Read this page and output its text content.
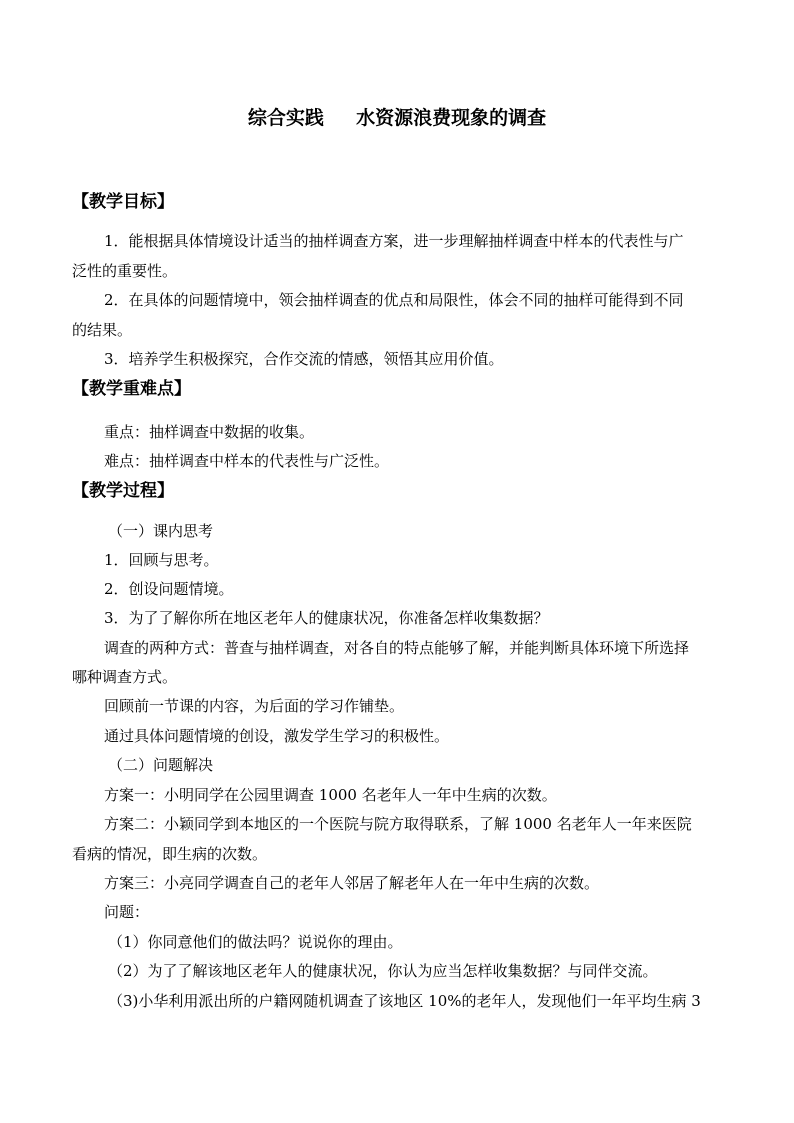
综合实践　  水资源浪费现象的调查
【教学目标】
1．能根据具体情境设计适当的抽样调查方案，进一步理解抽样调查中样本的代表性与广
泛性的重要性。
2．在具体的问题情境中，领会抽样调查的优点和局限性，体会不同的抽样可能得到不同
的结果。
3．培养学生积极探究，合作交流的情感，领悟其应用价值。
【教学重难点】
重点：抽样调查中数据的收集。
难点：抽样调查中样本的代表性与广泛性。
【教学过程】
（一）课内思考
1．回顾与思考。
2．创设问题情境。
3．为了了解你所在地区老年人的健康状况，你准备怎样收集数据？
调查的两种方式：普查与抽样调查，对各自的特点能够了解，并能判断具体环境下所选择
哪种调查方式。
回顾前一节课的内容，为后面的学习作铺垫。
通过具体问题情境的创设，激发学生学习的积极性。
（二）问题解决
方案一：小明同学在公园里调查 1000 名老年人一年中生病的次数。
方案二：小颖同学到本地区的一个医院与院方取得联系，了解 1000 名老年人一年来医院
看病的情况，即生病的次数。
方案三：小亮同学调查自己的老年人邻居了解老年人在一年中生病的次数。
问题：
（1）你同意他们的做法吗？说说你的理由。
（2）为了了解该地区老年人的健康状况，你认为应当怎样收集数据？与同伴交流。
（3)小华利用派出所的户籍网随机调查了该地区 10%的老年人，发现他们一年平均生病 3
